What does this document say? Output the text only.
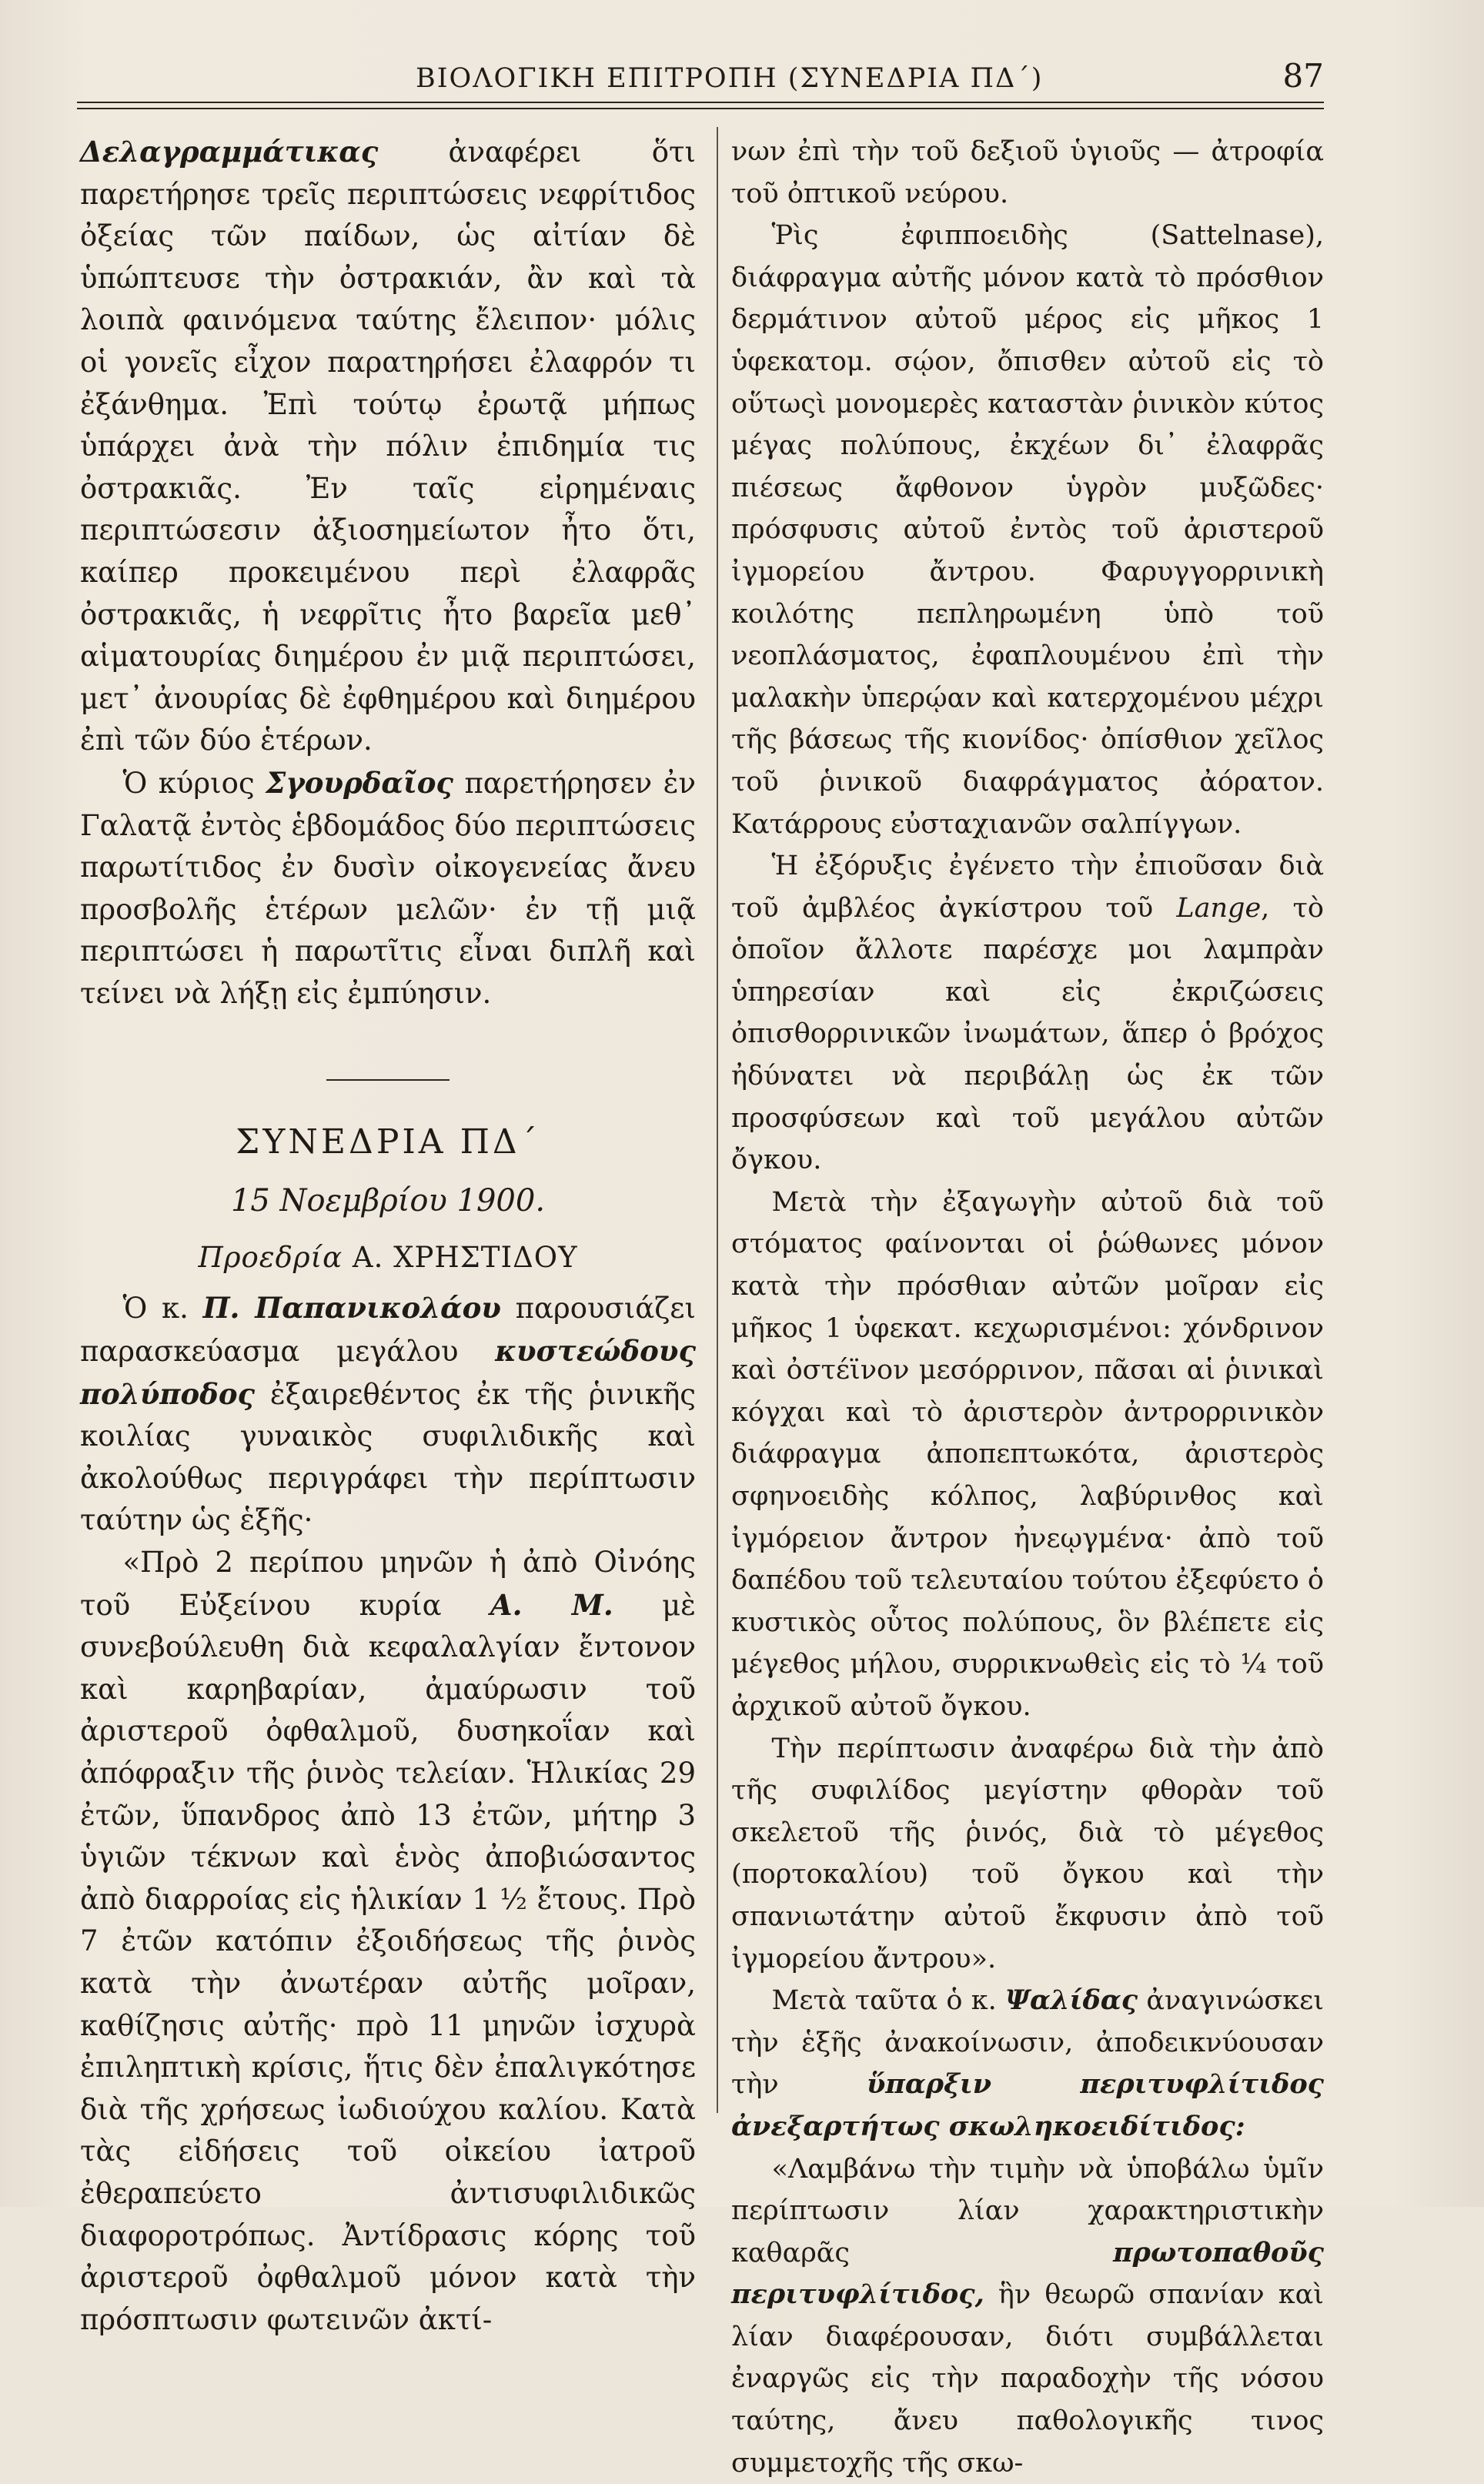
ΒΙΟΛΟΓΙΚΗ ΕΠΙΤΡΟΠΗ (ΣΥΝΕΔΡΙΑ ΠΔ΄)	87

Δελαγραμμάτικας ἀναφέρει ὅτι παρετήρησε τρεῖς περιπτώσεις νεφρίτιδος ὀξείας τῶν παίδων, ὡς αἰτίαν δὲ ὑπώπτευσε τὴν ὀστρακιάν, ἂν καὶ τὰ λοιπὰ φαινόμενα ταύτης ἔλειπον· μόλις οἱ γονεῖς εἶχον παρατηρήσει ἐλαφρόν τι ἐξάνθημα. Ἐπὶ τούτῳ ἐρωτᾷ μήπως ὑπάρχει ἀνὰ τὴν πόλιν ἐπιδημία τις ὀστρακιᾶς. Ἐν ταῖς εἰρημέναις περιπτώσεσιν ἀξιοσημείωτον ἦτο ὅτι, καίπερ προκειμένου περὶ ἐλαφρᾶς ὀστρακιᾶς, ἡ νεφρῖτις ἦτο βαρεῖα μεθ᾽ αἱματουρίας διημέρου ἐν μιᾷ περιπτώσει, μετ᾽ ἀνουρίας δὲ ἐφθημέρου καὶ διημέρου ἐπὶ τῶν δύο ἑτέρων.

Ὁ κύριος Σγουρδαῖος παρετήρησεν ἐν Γαλατᾷ ἐντὸς ἑβδομάδος δύο περιπτώσεις παρωτίτιδος ἐν δυσὶν οἰκογενείας ἄνευ προσβολῆς ἑτέρων μελῶν· ἐν τῇ μιᾷ περιπτώσει ἡ παρωτῖτις εἶναι διπλῆ καὶ τείνει νὰ λήξῃ εἰς ἐμπύησιν.

ΣΥΝΕΔΡΙΑ ΠΔ΄
15 Νοεμβρίου 1900.
Προεδρία Α. ΧΡΗΣΤΙΔΟΥ

Ὁ κ. Π. Παπανικολάου παρουσιάζει παρασκεύασμα μεγάλου κυστεώδους πολύποδος ἐξαιρεθέντος ἐκ τῆς ῥινικῆς κοιλίας γυναικὸς συφιλιδικῆς καὶ ἀκολούθως περιγράφει τὴν περίπτωσιν ταύτην ὡς ἑξῆς·

«Πρὸ 2 περίπου μηνῶν ἡ ἀπὸ Οἰνόης τοῦ Εὐξείνου κυρία Α. Μ. μὲ συνεβούλευθη διὰ κεφαλαλγίαν ἔντονον καὶ καρηβαρίαν, ἀμαύρωσιν τοῦ ἀριστεροῦ ὀφθαλμοῦ, δυσηκοΐαν καὶ ἀπόφραξιν τῆς ῥινὸς τελείαν. Ἡλικίας 29 ἐτῶν, ὕπανδρος ἀπὸ 13 ἐτῶν, μήτηρ 3 ὑγιῶν τέκνων καὶ ἑνὸς ἀποβιώσαντος ἀπὸ διαρροίας εἰς ἡλικίαν 1 ½ ἔτους. Πρὸ 7 ἐτῶν κατόπιν ἐξοιδήσεως τῆς ῥινὸς κατὰ τὴν ἀνωτέραν αὐτῆς μοῖραν, καθίζησις αὐτῆς· πρὸ 11 μηνῶν ἰσχυρὰ ἐπιληπτικὴ κρίσις, ἥτις δὲν ἐπαλιγκότησε διὰ τῆς χρήσεως ἰωδιούχου καλίου. Κατὰ τὰς εἰδήσεις τοῦ οἰκείου ἰατροῦ ἐθεραπεύετο ἀντισυφιλιδικῶς διαφοροτρόπως. Ἀντίδρασις κόρης τοῦ ἀριστεροῦ ὀφθαλμοῦ μόνον κατὰ τὴν πρόσπτωσιν φωτεινῶν ἀκτί-

νων ἐπὶ τὴν τοῦ δεξιοῦ ὑγιοῦς — ἀτροφία τοῦ ὀπτικοῦ νεύρου.

Ῥὶς ἐφιπποειδὴς (Sattelnase), διάφραγμα αὐτῆς μόνον κατὰ τὸ πρόσθιον δερμάτινον αὐτοῦ μέρος εἰς μῆκος 1 ὑφεκατομ. σῴον, ὄπισθεν αὐτοῦ εἰς τὸ οὕτωςὶ μονομερὲς καταστὰν ῥινικὸν κύτος μέγας πολύπους, ἐκχέων δι᾽ ἐλαφρᾶς πιέσεως ἄφθονον ὑγρὸν μυξῶδες· πρόσφυσις αὐτοῦ ἐντὸς τοῦ ἀριστεροῦ ἰγμορείου ἄντρου. Φαρυγγορρινικὴ κοιλότης πεπληρωμένη ὑπὸ τοῦ νεοπλάσματος, ἐφαπλουμένου ἐπὶ τὴν μαλακὴν ὑπερῴαν καὶ κατερχομένου μέχρι τῆς βάσεως τῆς κιονίδος· ὀπίσθιον χεῖλος τοῦ ῥινικοῦ διαφράγματος ἀόρατον. Κατάρρους εὐσταχιανῶν σαλπίγγων.

Ἡ ἐξόρυξις ἐγένετο τὴν ἐπιοῦσαν διὰ τοῦ ἀμβλέος ἀγκίστρου τοῦ Lange, τὸ ὁποῖον ἄλλοτε παρέσχε μοι λαμπρὰν ὑπηρεσίαν καὶ εἰς ἐκριζώσεις ὀπισθορρινικῶν ἰνωμάτων, ἅπερ ὁ βρόχος ἠδύνατει νὰ περιβάλῃ ὡς ἐκ τῶν προσφύσεων καὶ τοῦ μεγάλου αὐτῶν ὄγκου.

Μετὰ τὴν ἐξαγωγὴν αὐτοῦ διὰ τοῦ στόματος φαίνονται οἱ ῥώθωνες μόνον κατὰ τὴν πρόσθιαν αὐτῶν μοῖραν εἰς μῆκος 1 ὑφεκατ. κεχωρισμένοι: χόνδρινον καὶ ὀστέϊνον μεσόρρινον, πᾶσαι αἱ ῥινικαὶ κόγχαι καὶ τὸ ἀριστερὸν ἀντρορρινικὸν διάφραγμα ἀποπεπτωκότα, ἀριστερὸς σφηνοειδὴς κόλπος, λαβύρινθος καὶ ἰγμόρειον ἄντρον ἠνεῳγμένα· ἀπὸ τοῦ δαπέδου τοῦ τελευταίου τούτου ἐξεφύετο ὁ κυστικὸς οὗτος πολύπους, ὃν βλέπετε εἰς μέγεθος μήλου, συρρικνωθεὶς εἰς τὸ ¼ τοῦ ἀρχικοῦ αὐτοῦ ὄγκου.

Τὴν περίπτωσιν ἀναφέρω διὰ τὴν ἀπὸ τῆς συφιλίδος μεγίστην φθορὰν τοῦ σκελετοῦ τῆς ῥινός, διὰ τὸ μέγεθος (πορτοκαλίου) τοῦ ὄγκου καὶ τὴν σπανιωτάτην αὐτοῦ ἔκφυσιν ἀπὸ τοῦ ἰγμορείου ἄντρου».

Μετὰ ταῦτα ὁ κ. Ψαλίδας ἀναγινώσκει τὴν ἑξῆς ἀνακοίνωσιν, ἀποδεικνύουσαν τὴν ὕπαρξιν περιτυφλίτιδος ἀνεξαρτήτως σκωληκοειδίτιδος:

«Λαμβάνω τὴν τιμὴν νὰ ὑποβάλω ὑμῖν περίπτωσιν λίαν χαρακτηριστικὴν καθαρᾶς πρωτοπαθοῦς περιτυφλίτιδος, ἣν θεωρῶ σπανίαν καὶ λίαν διαφέρουσαν, διότι συμβάλλεται ἐναργῶς εἰς τὴν παραδοχὴν τῆς νόσου ταύτης, ἄνευ παθολογικῆς τινος συμμετοχῆς τῆς σκω-
